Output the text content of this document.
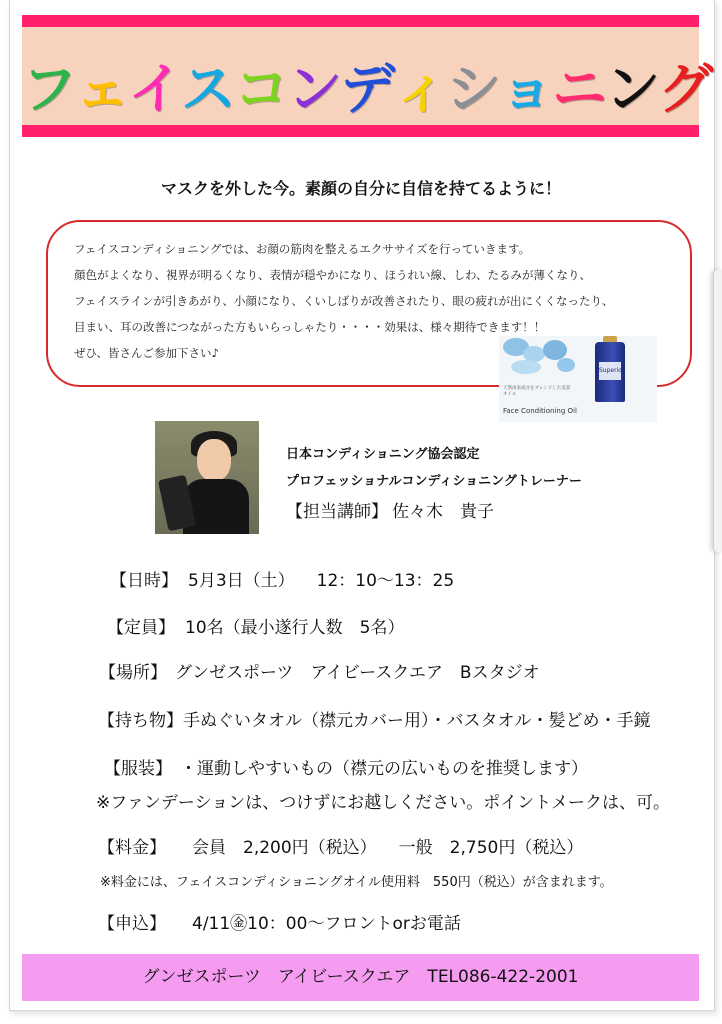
フェイスコンディショニング
マスクを外した今。素顔の自分に自信を持てるように！
フェイスコンディショニングでは、お顔の筋肉を整えるエクササイズを行っていきます。
顔色がよくなり、視界が明るくなり、表情が穏やかになり、ほうれい線、しわ、たるみが薄くなり、
フェイスラインが引きあがり、小顔になり、くいしばりが改善されたり、眼の疲れが出にくくなったり、
目まい、耳の改善につながった方もいらっしゃたり・・・・効果は、様々期待できます！！
ぜひ、皆さんご参加下さい♪
Superior
天然由来成分をブレンドした美容オイル
Face Conditioning Oil
日本コンディショニング協会認定
プロフェッショナルコンディショニングトレーナー
【担当講師】 佐々木　貴子
【日時】 5月3日（土） 12：10～13：25
【定員】 10名（最小遂行人数　5名）
【場所】 グンゼスポーツ　アイビースクエア　Bスタジオ
【持ち物】手ぬぐいタオル（襟元カバー用）・バスタオル・髪どめ・手鏡
【服装】 ・運動しやすいもの（襟元の広いものを推奨します）
※ファンデーションは、つけずにお越しください。ポイントメークは、可。
【料金】 会員　2,200円（税込） 一般　2,750円（税込）
※料金には、フェイスコンディショニングオイル使用料　550円（税込）が含まれます。
【申込】 4/11㊎10：00～フロントorお電話
グンゼスポーツ　アイビースクエア　TEL086-422-2001
